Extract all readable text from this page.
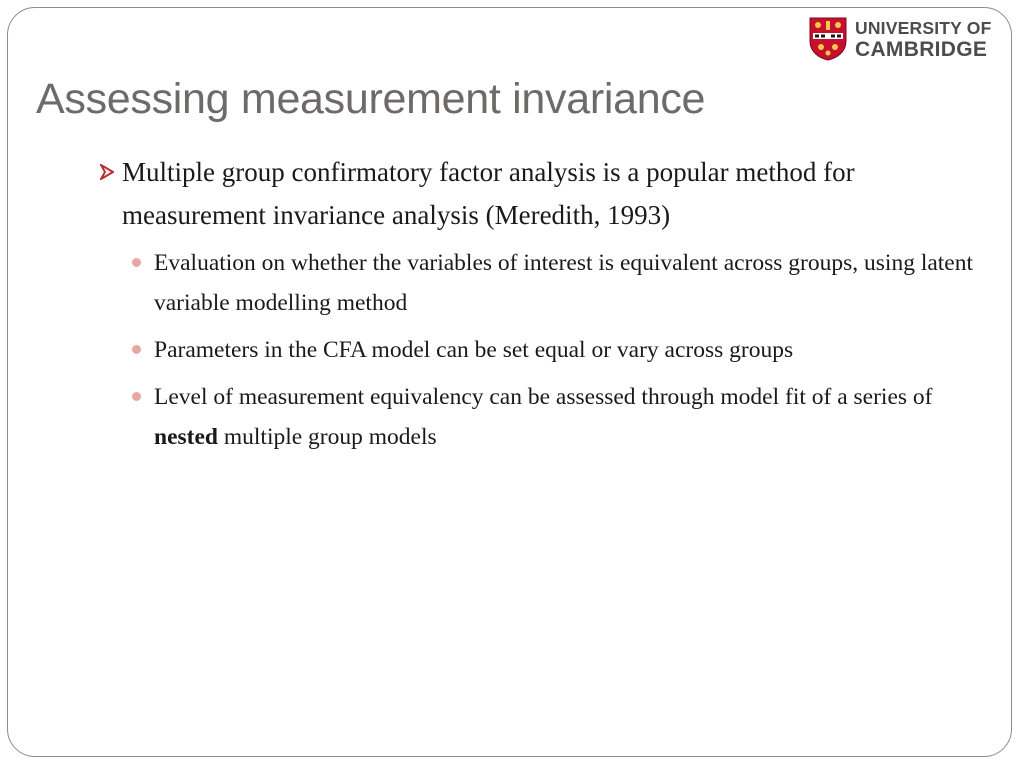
UNIVERSITY OF
CAMBRIDGE
Assessing measurement invariance
Multiple group confirmatory factor analysis is a popular method for measurement invariance analysis (Meredith, 1993)
Evaluation on whether the variables of interest is equivalent across groups, using latent variable modelling method
Parameters in the CFA model can be set equal or vary across groups
Level of measurement equivalency can be assessed through model fit of a series of nested multiple group models
